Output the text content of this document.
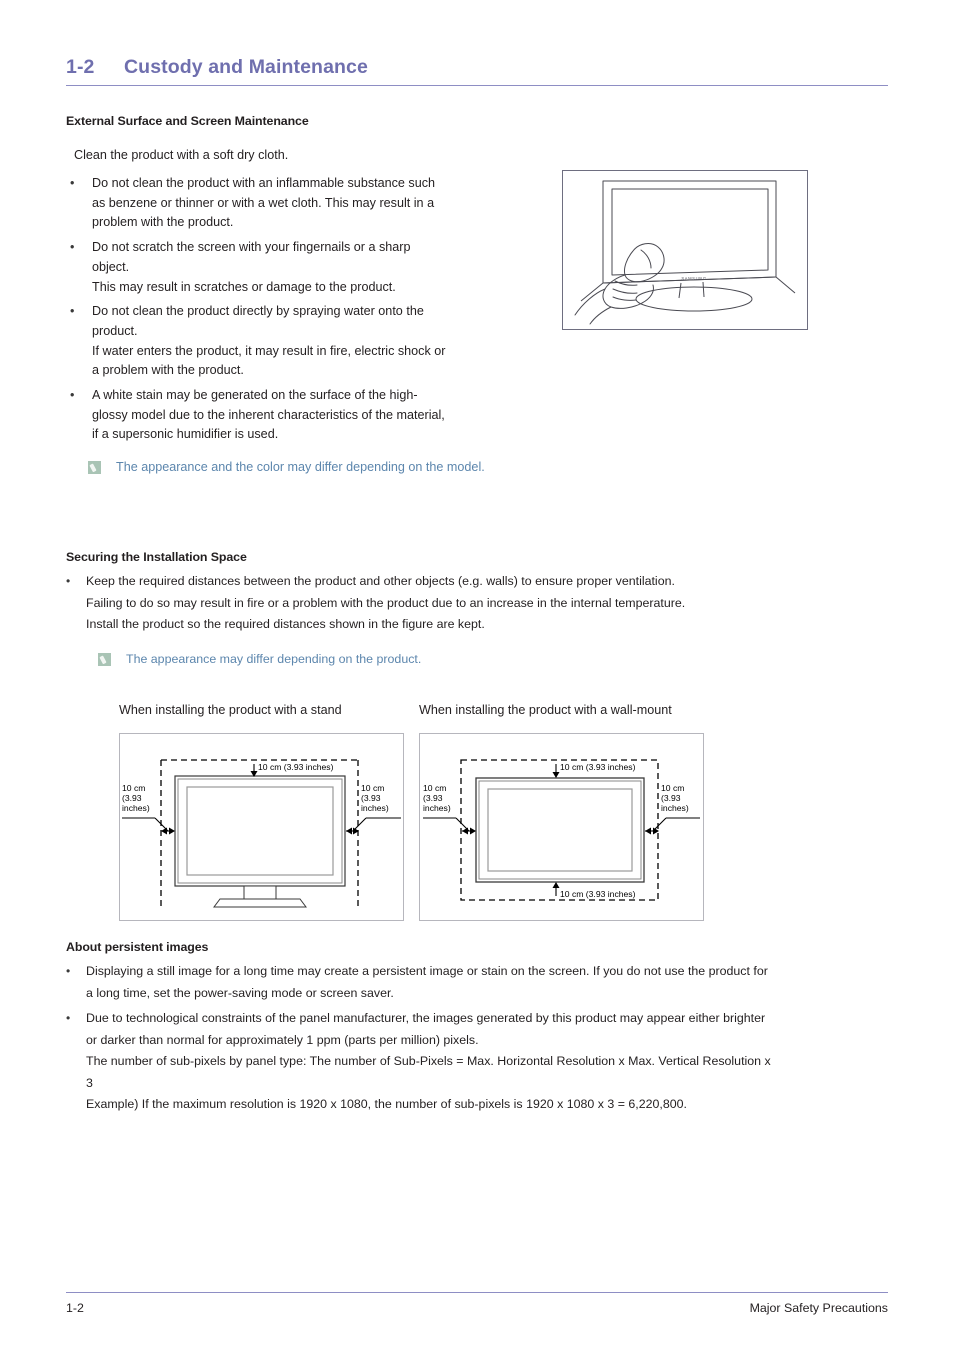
1-2	Custody and Maintenance
External Surface and Screen Maintenance
Clean the product with a soft dry cloth.
•	Do not clean the product with an inflammable substance such

as benzene or thinner or with a wet cloth. This may result in a

problem with the product.

•	Do not scratch the screen with your fingernails or a sharp

object.

This may result in scratches or damage to the product.

•	Do not clean the product directly by spraying water onto the

product.

If water enters the product, it may result in fire, electric shock or

a problem with the product.

•	A white stain may be generated on the surface of the high-

glossy model due to the inherent characteristics of the material,

if a supersonic humidifier is used.

The appearance and the color may differ depending on the model.
SAMSUNG
Securing the Installation Space
•	Keep the required distances between the product and other objects (e.g. walls) to ensure proper ventilation.

Failing to do so may result in fire or a problem with the product due to an increase in the internal temperature.

Install the product so the required distances shown in the figure are kept.

The appearance may differ depending on the product.
When installing the product with a stand	When installing the product with a wall-mount
10 cm (3.93 inches)
10 cm (3.93 inches)
10 cm (3.93 inches)
10 cm (3.93 inches)
10 cm (3.93 inches)
10 cm (3.93 inches)
10 cm (3.93 inches)
About persistent images
•	Displaying a still image for a long time may create a persistent image or stain on the screen. If you do not use the product for

a long time, set the power-saving mode or screen saver.

•	Due to technological constraints of the panel manufacturer, the images generated by this product may appear either brighter

or darker than normal for approximately 1 ppm (parts per million) pixels.

The number of sub-pixels by panel type: The number of Sub-Pixels = Max. Horizontal Resolution x Max. Vertical Resolution x

3

Example) If the maximum resolution is 1920 x 1080, the number of sub-pixels is 1920 x 1080 x 3 = 6,220,800.

1-2	Major Safety Precautions
